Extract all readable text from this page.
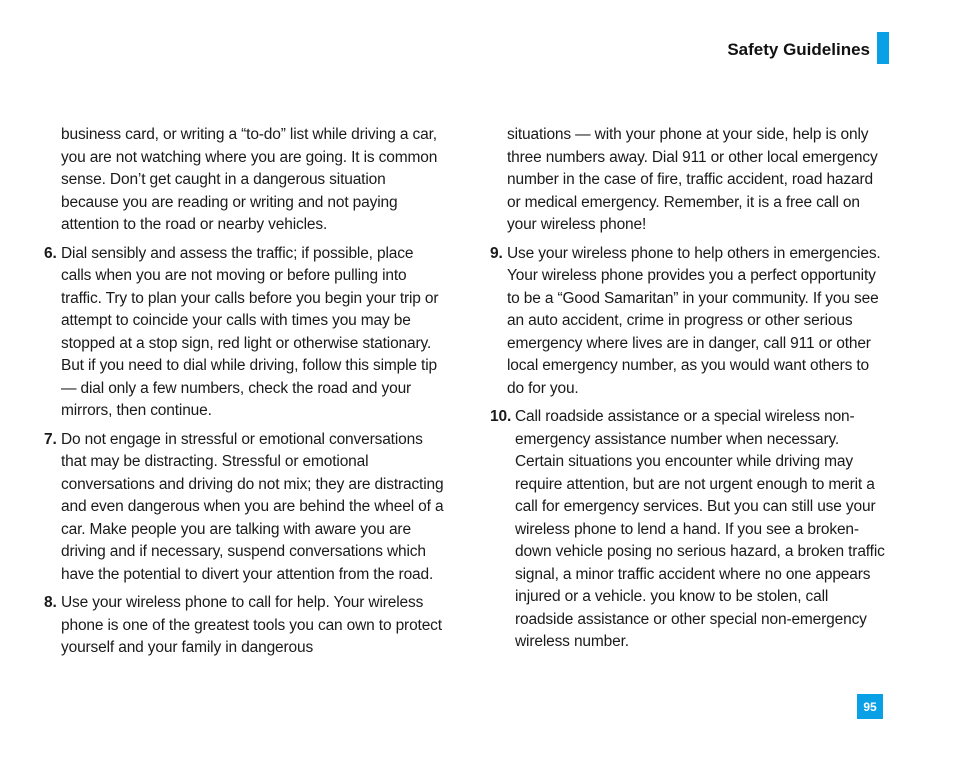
Safety Guidelines

business card, or writing a “to-do” list while driving a car, you are not watching where you are going. It is common sense. Don’t get caught in a dangerous situation because you are reading or writing and not paying attention to the road or nearby vehicles.

6. Dial sensibly and assess the traffic; if possible, place calls when you are not moving or before pulling into traffic. Try to plan your calls before you begin your trip or attempt to coincide your calls with times you may be stopped at a stop sign, red light or otherwise stationary. But if you need to dial while driving, follow this simple tip— dial only a few numbers, check the road and your mirrors, then continue.
7. Do not engage in stressful or emotional conversations that may be distracting. Stressful or emotional conversations and driving do not mix; they are distracting and even dangerous when you are behind the wheel of a car. Make people you are talking with aware you are driving and if necessary, suspend conversations which have the potential to divert your attention from the road.
8. Use your wireless phone to call for help. Your wireless phone is one of the greatest tools you can own to protect yourself and your family in dangerous

situations — with your phone at your side, help is only three numbers away. Dial 911 or other local emergency number in the case of fire, traffic accident, road hazard or medical emergency. Remember, it is a free call on your wireless phone!

9. Use your wireless phone to help others in emergencies. Your wireless phone provides you a perfect opportunity to be a “Good Samaritan” in your community. If you see an auto accident, crime in progress or other serious emergency where lives are in danger, call 911 or other local emergency number, as you would want others to do for you.
10. Call roadside assistance or a special wireless non-emergency assistance number when necessary. Certain situations you encounter while driving may require attention, but are not urgent enough to merit a call for emergency services. But you can still use your wireless phone to lend a hand. If you see a broken-down vehicle posing no serious hazard, a broken traffic signal, a minor traffic accident where no one appears injured or a vehicle. you know to be stolen, call roadside assistance or other special non-emergency wireless number.
95
